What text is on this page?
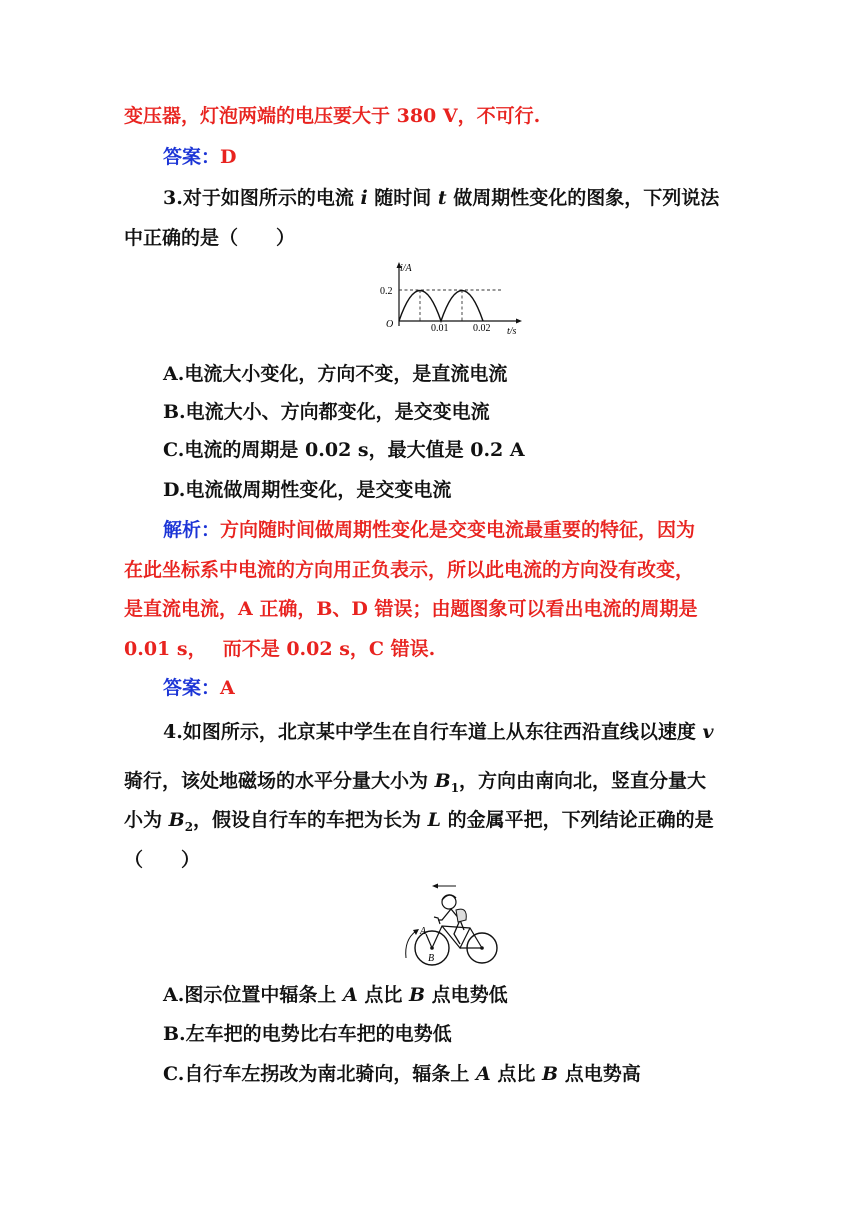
变压器，灯泡两端的电压要大于 380 V，不可行.
答案：D
3.对于如图所示的电流 i 随时间 t 做周期性变化的图象，下列说法
中正确的是（　　）
i/A
0.2
O	0.01 0.02 t/s
A.电流大小变化，方向不变，是直流电流
B.电流大小、方向都变化，是交变电流
C.电流的周期是 0.02 s，最大值是 0.2 A
D.电流做周期性变化，是交变电流
解析：方向随时间做周期性变化是交变电流最重要的特征，因为
在此坐标系中电流的方向用正负表示，所以此电流的方向没有改变，
是直流电流，A 正确，B、D 错误；由题图象可以看出电流的周期是
0.01 s，　 而不是 0.02 s，C 错误.
答案：A
4.如图所示，北京某中学生在自行车道上从东往西沿直线以速度 v
骑行，该处地磁场的水平分量大小为 $B_1$，方向由南向北，竖直分量大
小为 $B_2$，假设自行车的车把为长为 L 的金属平把，下列结论正确的是
（　　）
A
B
A.图示位置中辐条上 A 点比 B 点电势低
B.左车把的电势比右车把的电势低
C.自行车左拐改为南北骑向，辐条上 A 点比 B 点电势高
